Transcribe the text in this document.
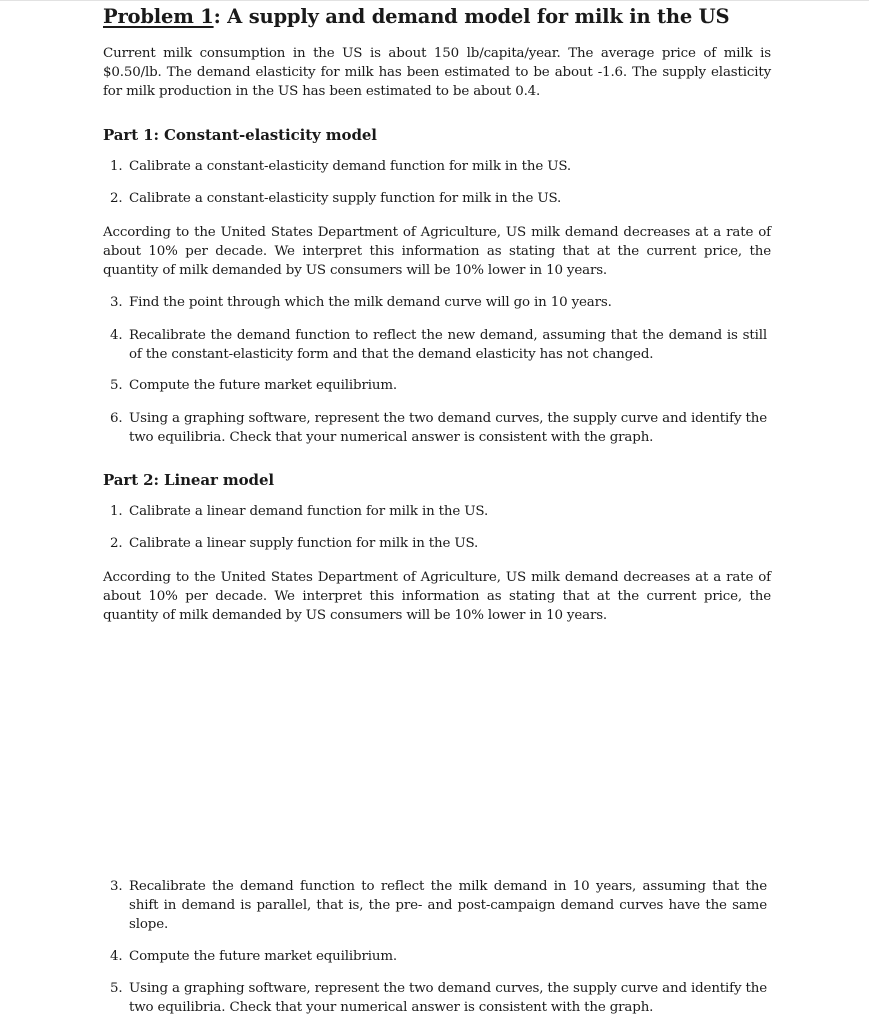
Problem 1: A supply and demand model for milk in the US

Current milk consumption in the US is about 150 lb/capita/year. The average price of milk is $0.50/lb. The demand elasticity for milk has been estimated to be about -1.6. The supply elasticity for milk production in the US has been estimated to be about 0.4.

Part 1: Constant-elasticity model
1. Calibrate a constant-elasticity demand function for milk in the US.
2. Calibrate a constant-elasticity supply function for milk in the US.

According to the United States Department of Agriculture, US milk demand decreases at a rate of about 10% per decade. We interpret this information as stating that at the current price, the quantity of milk demanded by US consumers will be 10% lower in 10 years.

3. Find the point through which the milk demand curve will go in 10 years.
4. Recalibrate the demand function to reflect the new demand, assuming that the demand is still of the constant-elasticity form and that the demand elasticity has not changed.
5. Compute the future market equilibrium.
6. Using a graphing software, represent the two demand curves, the supply curve and identify the two equilibria. Check that your numerical answer is consistent with the graph.
Part 2: Linear model
1. Calibrate a linear demand function for milk in the US.
2. Calibrate a linear supply function for milk in the US.

According to the United States Department of Agriculture, US milk demand decreases at a rate of about 10% per decade. We interpret this information as stating that at the current price, the quantity of milk demanded by US consumers will be 10% lower in 10 years.

3. Recalibrate the demand function to reflect the milk demand in 10 years, assuming that the shift in demand is parallel, that is, the pre- and post-campaign demand curves have the same slope.
4. Compute the future market equilibrium.
5. Using a graphing software, represent the two demand curves, the supply curve and identify the two equilibria. Check that your numerical answer is consistent with the graph.
